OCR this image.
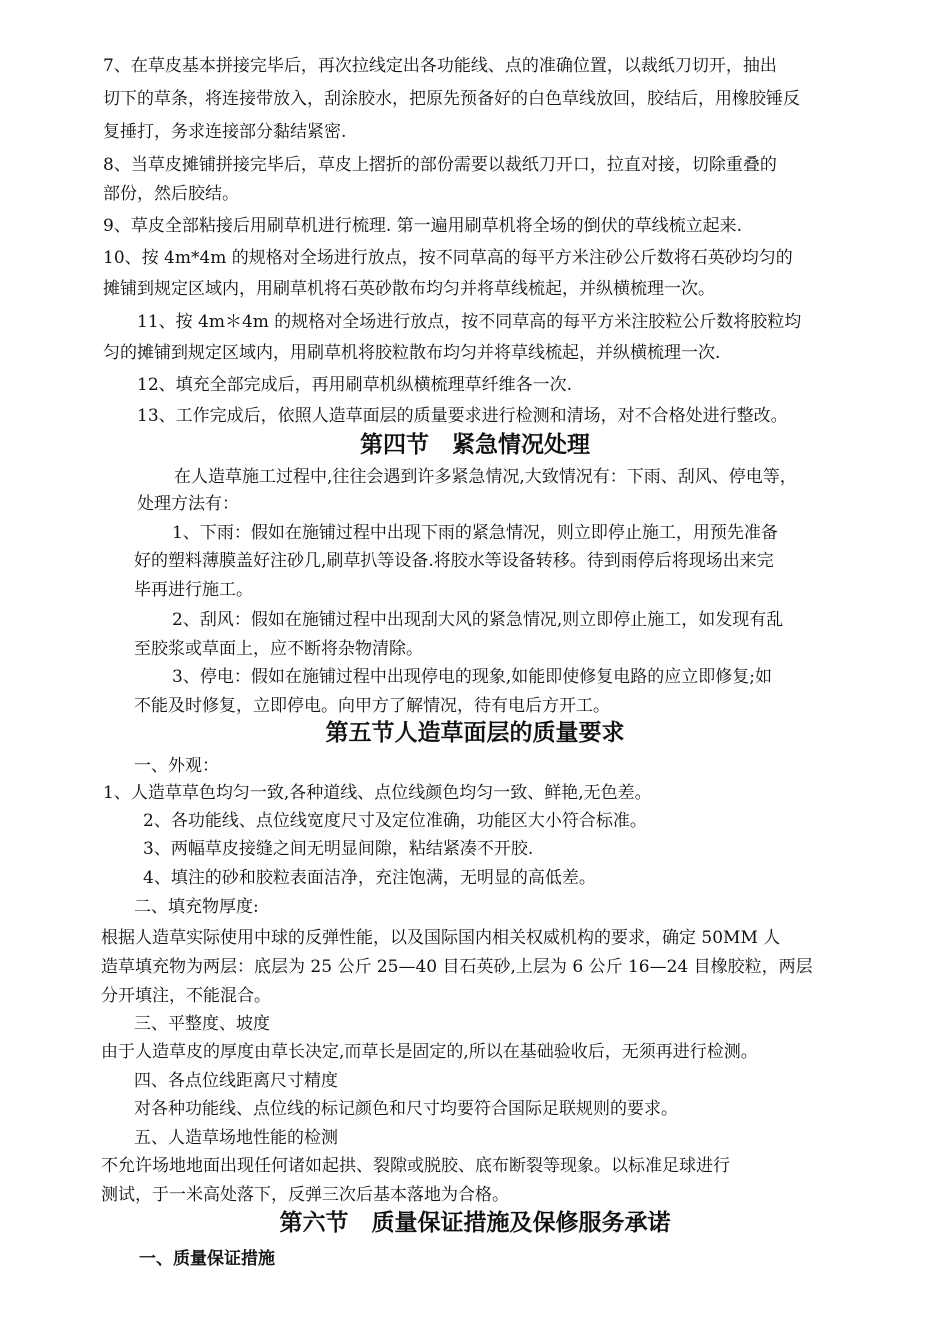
7、在草皮基本拼接完毕后，再次拉线定出各功能线、点的准确位置，以裁纸刀切开，抽出
切下的草条，将连接带放入，刮涂胶水，把原先预备好的白色草线放回，胶结后，用橡胶锤反
复捶打，务求连接部分黏结紧密.
8、当草皮摊铺拼接完毕后，草皮上摺折的部份需要以裁纸刀开口，拉直对接，切除重叠的
部份，然后胶结。
9、草皮全部粘接后用刷草机进行梳理. 第一遍用刷草机将全场的倒伏的草线梳立起来.
10、按 4m*4m 的规格对全场进行放点，按不同草高的每平方米注砂公斤数将石英砂均匀的
摊铺到规定区域内，用刷草机将石英砂散布均匀并将草线梳起，并纵横梳理一次。
11、按 4m＊4m 的规格对全场进行放点，按不同草高的每平方米注胶粒公斤数将胶粒均
匀的摊铺到规定区域内，用刷草机将胶粒散布均匀并将草线梳起，并纵横梳理一次.
12、填充全部完成后，再用刷草机纵横梳理草纤维各一次.
13、工作完成后，依照人造草面层的质量要求进行检测和清场，对不合格处进行整改。
第四节　紧急情况处理
在人造草施工过程中,往往会遇到许多紧急情况,大致情况有：下雨、刮风、停电等，
处理方法有：
1、下雨：假如在施铺过程中出现下雨的紧急情况，则立即停止施工，用预先准备
好的塑料薄膜盖好注砂几,刷草扒等设备.将胶水等设备转移。待到雨停后将现场出来完
毕再进行施工。
2、刮风：假如在施铺过程中出现刮大风的紧急情况,则立即停止施工，如发现有乱
至胶浆或草面上，应不断将杂物清除。
3、停电：假如在施铺过程中出现停电的现象,如能即使修复电路的应立即修复;如
不能及时修复，立即停电。向甲方了解情况，待有电后方开工。
第五节人造草面层的质量要求
一、外观：
1、人造草草色均匀一致,各种道线、点位线颜色均匀一致、鲜艳,无色差。
2、各功能线、点位线宽度尺寸及定位准确，功能区大小符合标准。
3、两幅草皮接缝之间无明显间隙，粘结紧凑不开胶.
4、填注的砂和胶粒表面洁净，充注饱满，无明显的高低差。
二、填充物厚度:
根据人造草实际使用中球的反弹性能，以及国际国内相关权威机构的要求，确定 50MM 人
造草填充物为两层：底层为 25 公斤 25—40 目石英砂,上层为 6 公斤 16—24 目橡胶粒，两层
分开填注，不能混合。
三、平整度、坡度
由于人造草皮的厚度由草长决定,而草长是固定的,所以在基础验收后，无须再进行检测。
四、各点位线距离尺寸精度
对各种功能线、点位线的标记颜色和尺寸均要符合国际足联规则的要求。
五、人造草场地性能的检测
不允许场地地面出现任何诸如起拱、裂隙或脱胶、底布断裂等现象。以标准足球进行
测试，于一米高处落下，反弹三次后基本落地为合格。
第六节　质量保证措施及保修服务承诺
一、质量保证措施
